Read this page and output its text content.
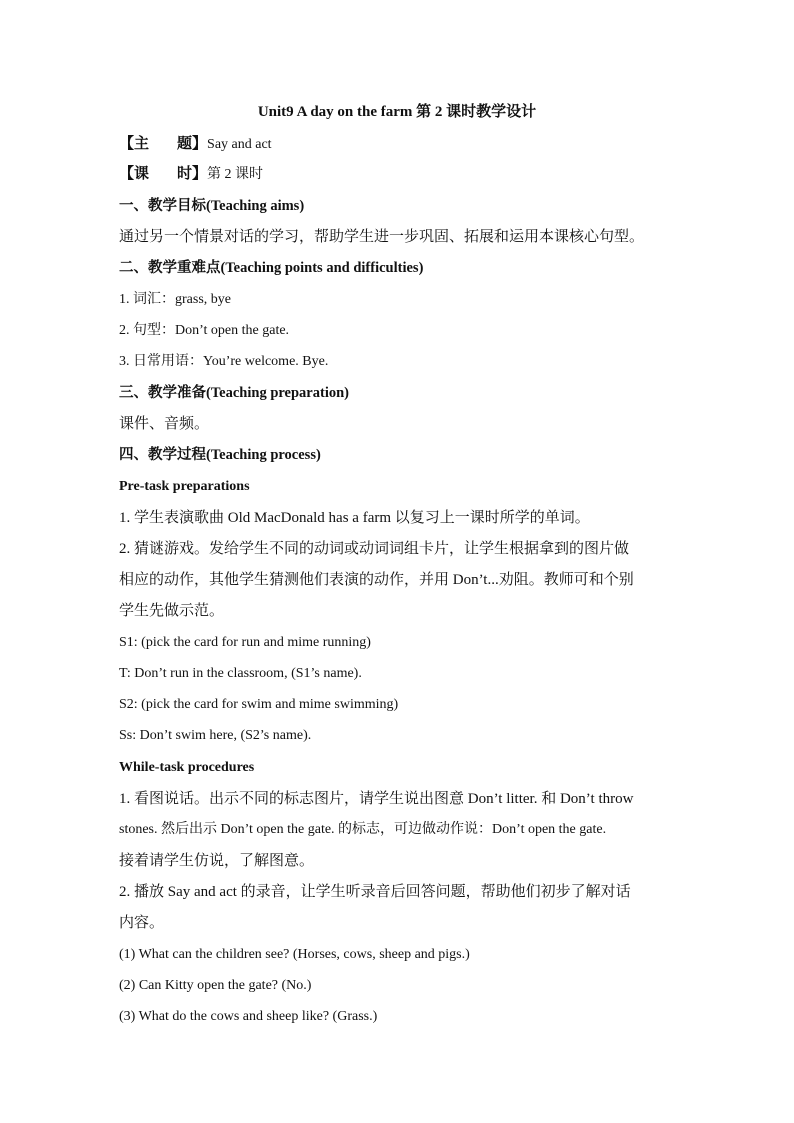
Unit9 A day on the farm 第 2 课时教学设计
【主 题】Say and act
【课 时】第 2 课时
一、教学目标(Teaching aims)
通过另一个情景对话的学习，帮助学生进一步巩固、拓展和运用本课核心句型。
二、教学重难点(Teaching points and difficulties)
1. 词汇：grass, bye
2. 句型：Don’t open the gate.
3. 日常用语：You’re welcome. Bye.
三、教学准备(Teaching preparation)
课件、音频。
四、教学过程(Teaching process)
Pre-task preparations
1. 学生表演歌曲 Old MacDonald has a farm 以复习上一课时所学的单词。
2. 猜谜游戏。发给学生不同的动词或动词词组卡片，让学生根据拿到的图片做
相应的动作，其他学生猜测他们表演的动作，并用 Don’t...劝阻。教师可和个别
学生先做示范。
S1: (pick the card for run and mime running)
T: Don’t run in the classroom, (S1’s name).
S2: (pick the card for swim and mime swimming)
Ss: Don’t swim here, (S2’s name).
While-task procedures
1. 看图说话。出示不同的标志图片，请学生说出图意 Don’t litter. 和 Don’t throw
stones. 然后出示 Don’t open the gate. 的标志，可边做动作说：Don’t open the gate.
接着请学生仿说，了解图意。
2. 播放 Say and act 的录音，让学生听录音后回答问题，帮助他们初步了解对话
内容。
(1) What can the children see? (Horses, cows, sheep and pigs.)
(2) Can Kitty open the gate? (No.)
(3) What do the cows and sheep like? (Grass.)
